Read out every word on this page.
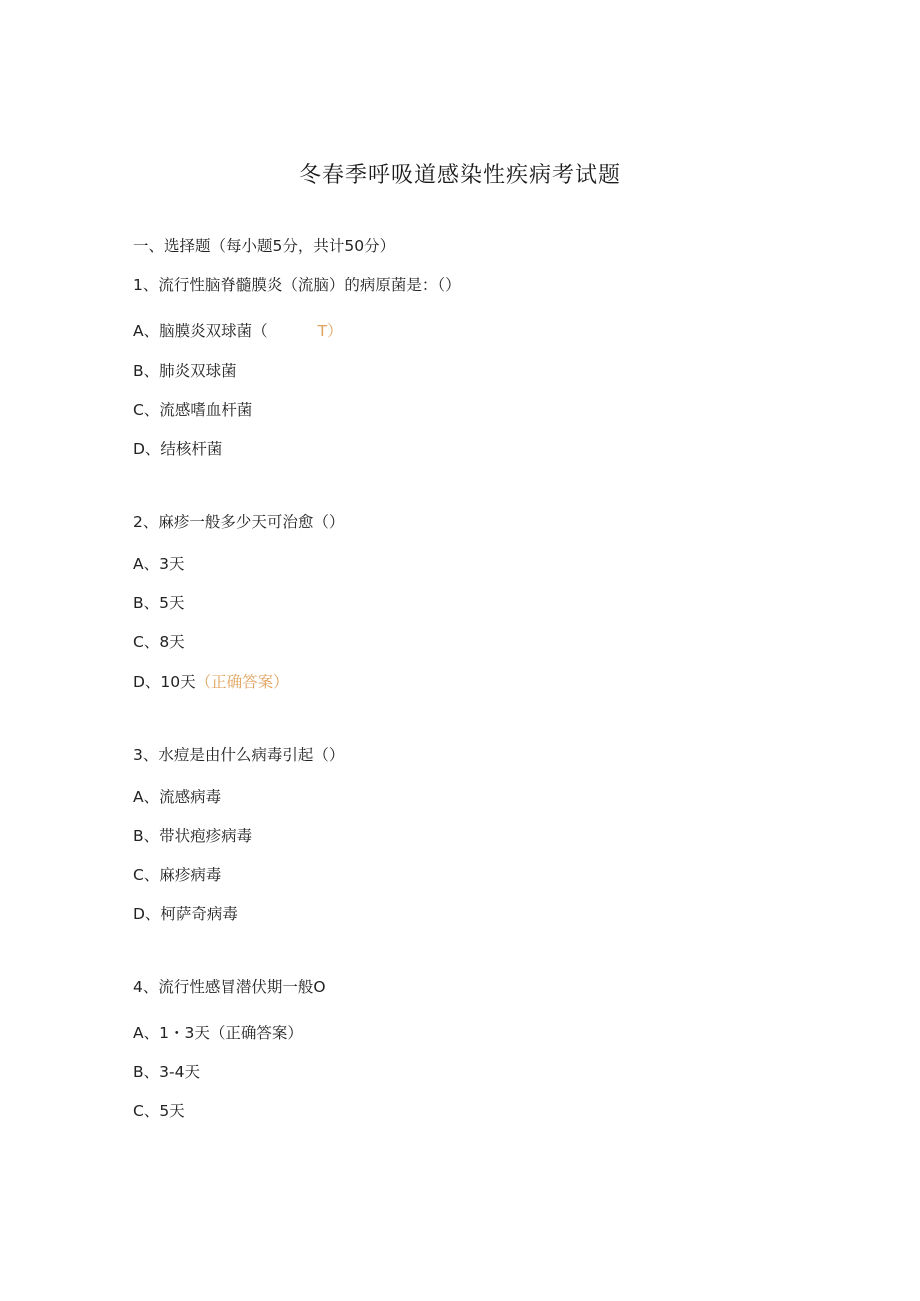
冬春季呼吸道感染性疾病考试题
一、选择题（每小题5分，共计50分）
1、流行性脑脊髓膜炎（流脑）的病原菌是：（）
A、脑膜炎双球菌（	T）
B、肺炎双球菌
C、流感嗜血杆菌
D、结核杆菌
2、麻疹一般多少天可治愈（）
A、3天
B、5天
C、8天
D、10天（正确答案）
3、水痘是由什么病毒引起（）
A、流感病毒
B、带状疱疹病毒
C、麻疹病毒
D、柯萨奇病毒
4、流行性感冒潜伏期一般O
A、1・3天（正确答案）
B、3-4天
C、5天
